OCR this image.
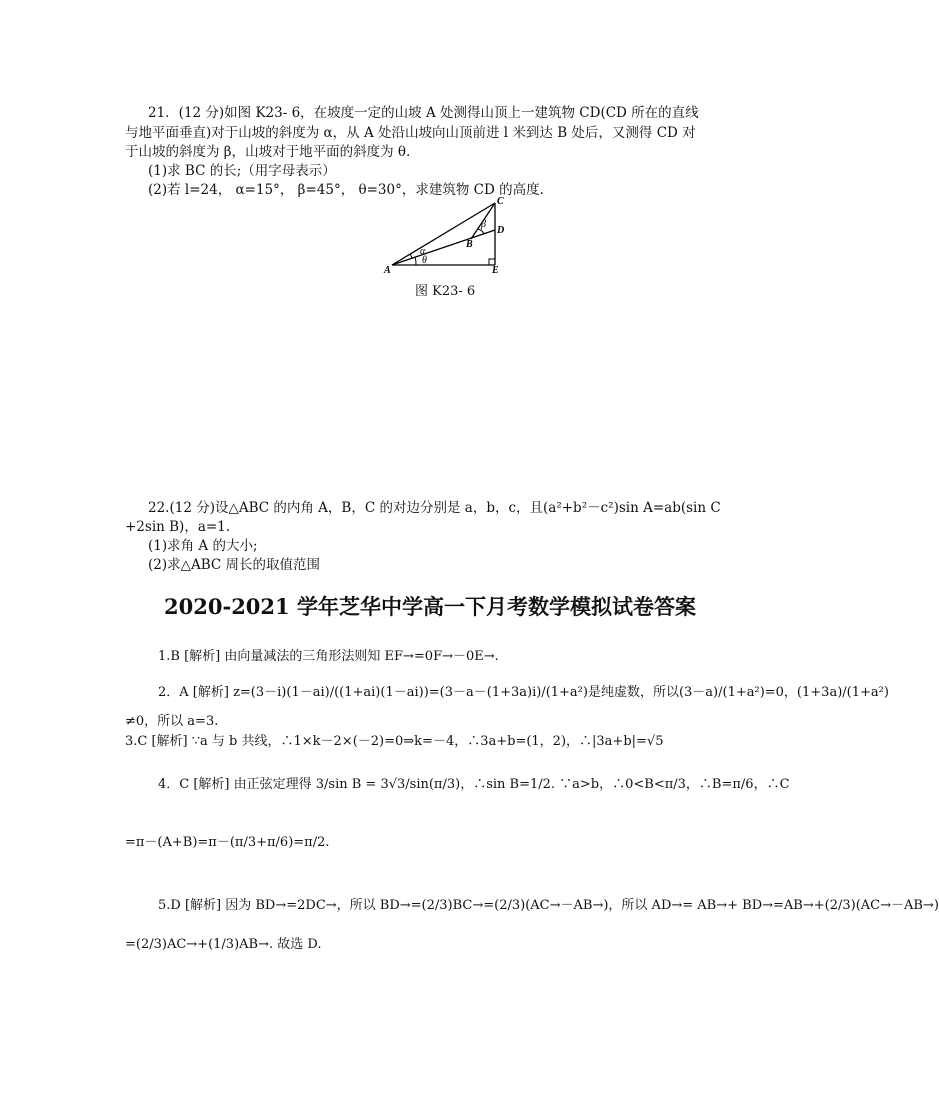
21．(12 分)如图 K23- 6，在坡度一定的山坡 A 处测得山顶上一建筑物 CD(CD 所在的直线
与地平面垂直)对于山坡的斜度为 α，从 A 处沿山坡向山顶前进 l 米到达 B 处后，又测得 CD 对
于山坡的斜度为 β，山坡对于地平面的斜度为 θ.
(1)求 BC 的长;（用字母表示）
(2)若 l=24， α=15°， β=45°， θ=30°，求建筑物 CD 的高度.
C
D
B
A	E
α
β
θ
图 K23- 6
22.(12 分)设△ABC 的内角 A，B，C 的对边分别是 a，b，c，且(a²+b²－c²)sin A=ab(sin C
+2sin B)，a=1.
(1)求角 A 的大小;
(2)求△ABC 周长的取值范围
2020-2021 学年芝华中学高一下月考数学模拟试卷答案
1.B [解析] 由向量减法的三角形法则知 EF→=0F→－0E→.
2．A [解析] z=(3－i)(1－ai)/((1+ai)(1－ai))=(3－a－(1+3a)i)/(1+a²)是纯虚数，所以(3－a)/(1+a²)=0，(1+3a)/(1+a²)
≠0，所以 a=3.
3.C [解析] ∵a 与 b 共线，∴1×k－2×(－2)=0⇒k=－4，∴3a+b=(1，2)，∴|3a+b|=√5
4．C [解析] 由正弦定理得 3/sin B = 3√3/sin(π/3)，∴sin B=1/2. ∵a>b，∴0<B<π/3，∴B=π/6，∴C
=π－(A+B)=π－(π/3+π/6)=π/2.
5.D [解析] 因为 BD→=2DC→，所以 BD→=(2/3)BC→=(2/3)(AC→－AB→)，所以 AD→= AB→+ BD→=AB→+(2/3)(AC→－AB→)
=(2/3)AC→+(1/3)AB→. 故选 D.
